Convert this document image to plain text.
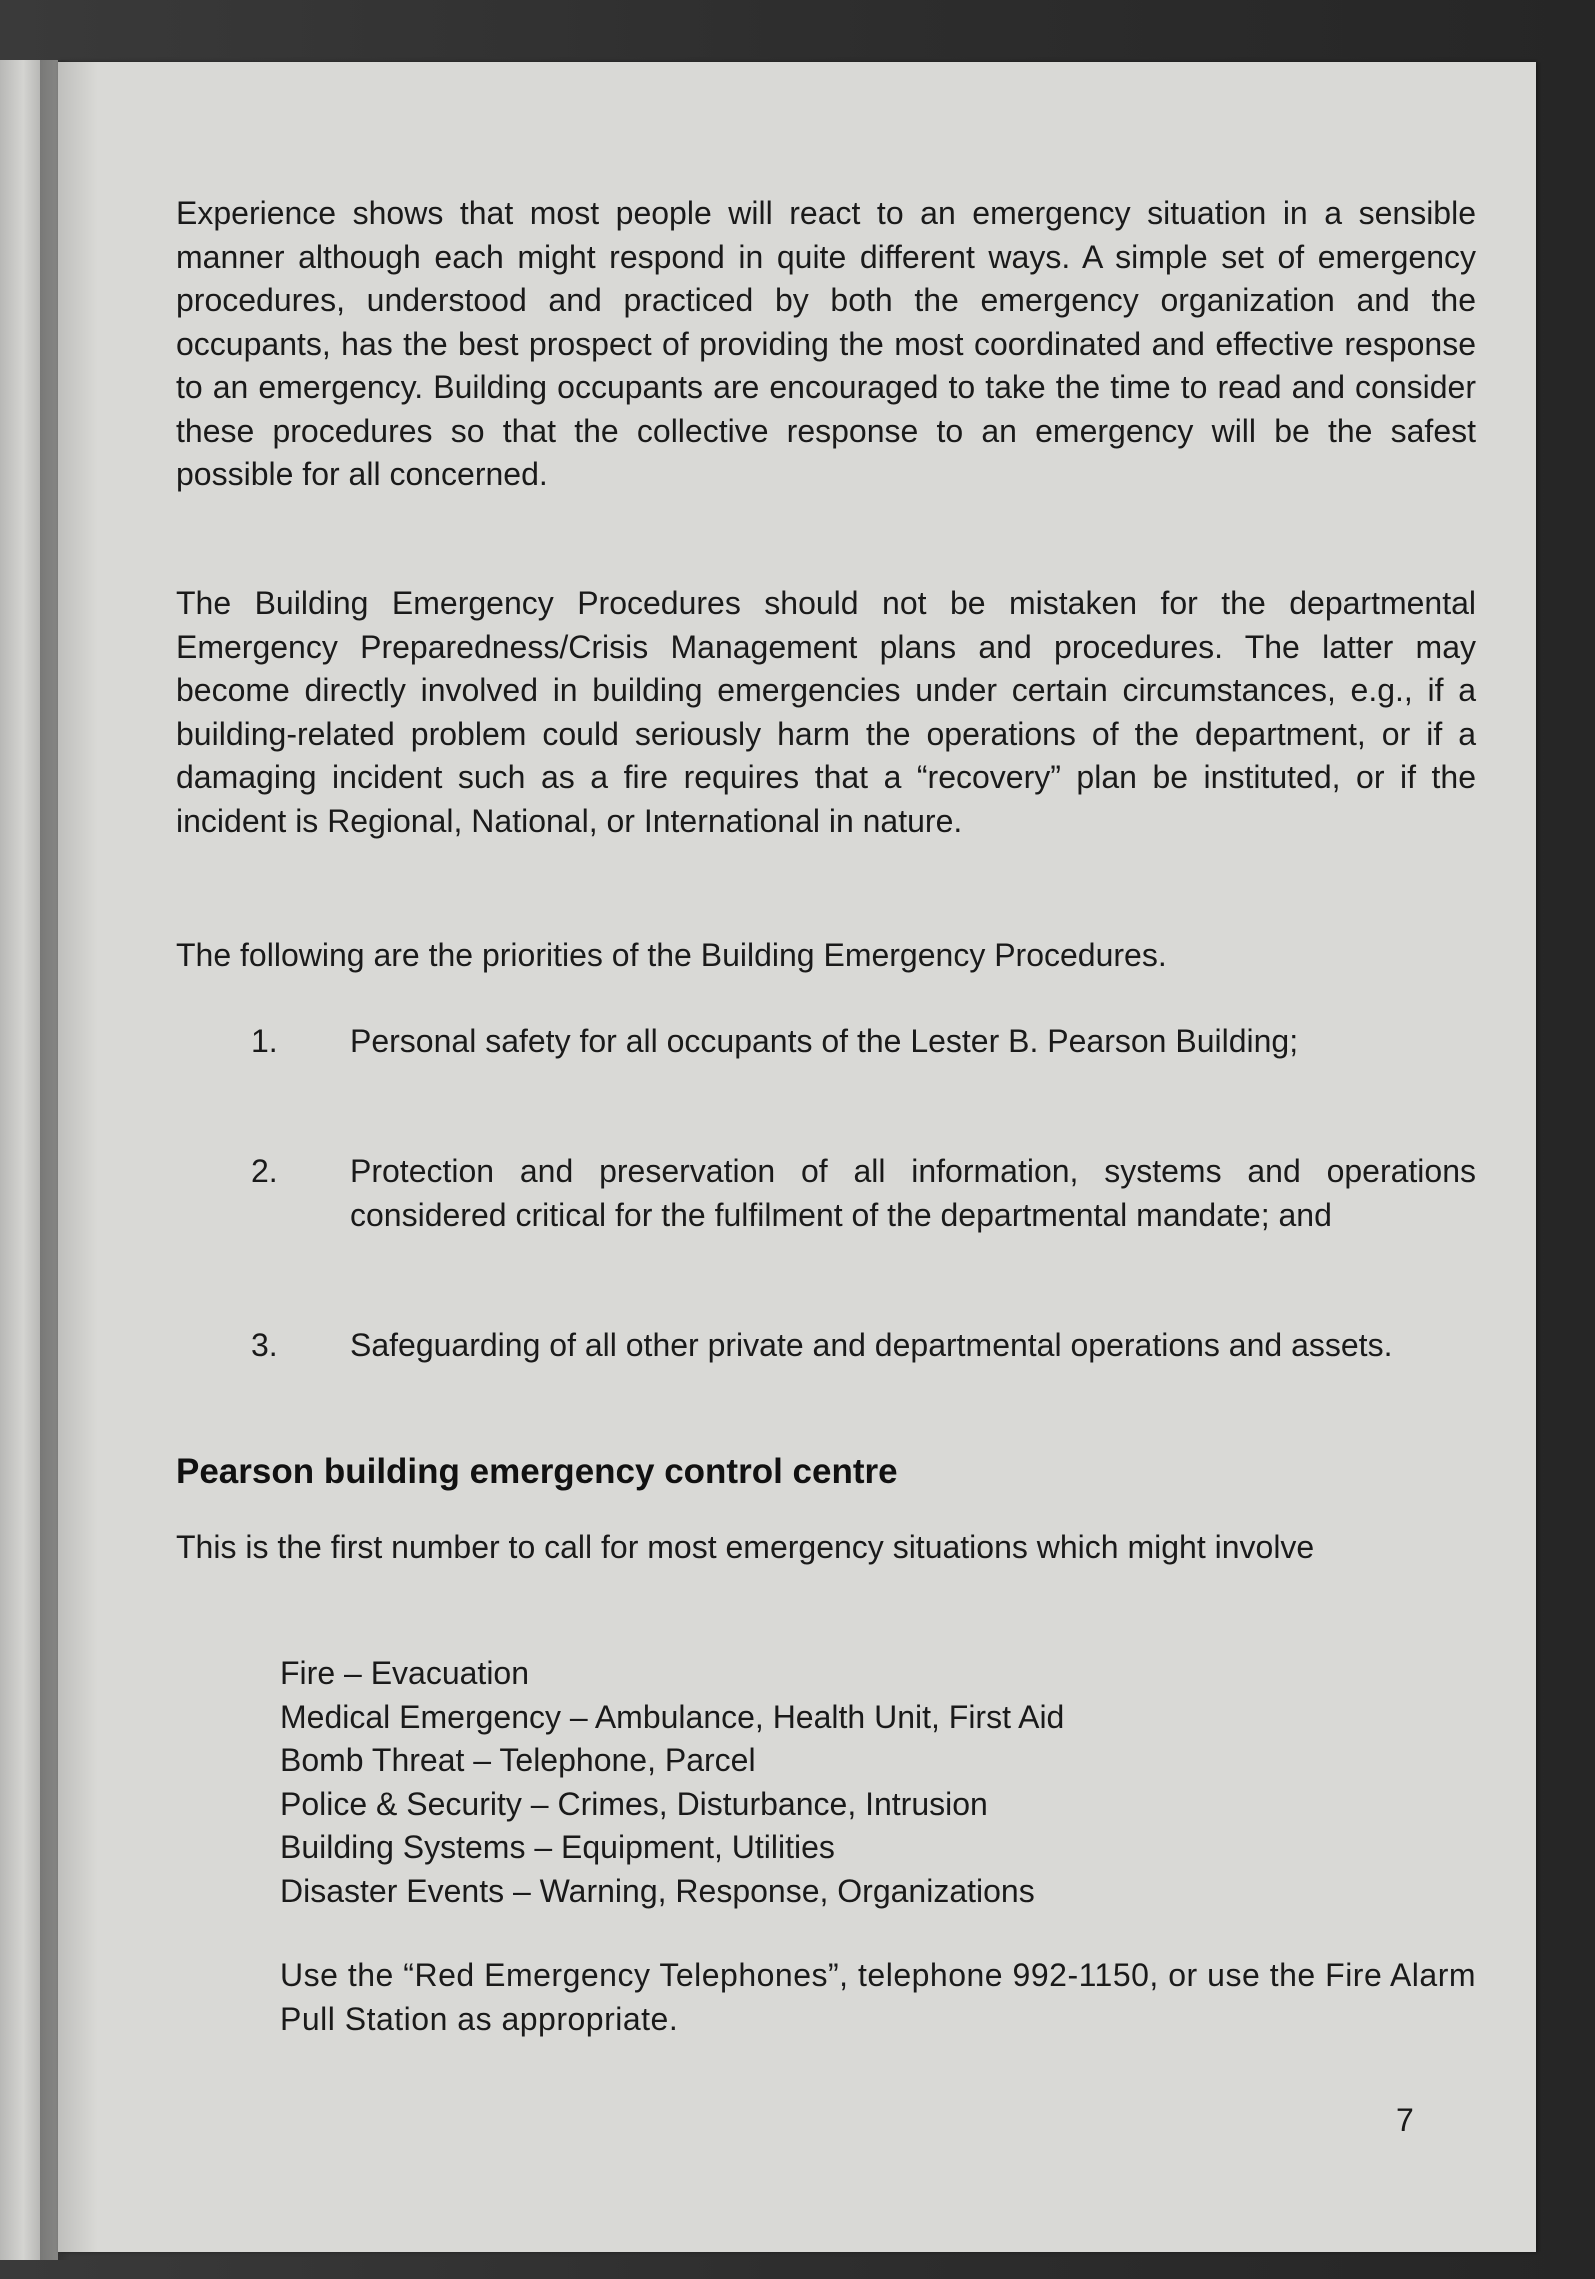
Experience shows that most people will react to an emergency situation in a sensible manner although each might respond in quite different ways. A simple set of emergency procedures, understood and practiced by both the emergency organization and the occupants, has the best prospect of providing the most coordinated and effective response to an emergency. Building occupants are encouraged to take the time to read and consider these procedures so that the collective response to an emergency will be the safest possible for all concerned.

The Building Emergency Procedures should not be mistaken for the departmental Emergency Preparedness/Crisis Management plans and procedures. The latter may become directly involved in building emergencies under certain circumstances, e.g., if a building-related problem could seriously harm the operations of the department, or if a damaging incident such as a fire requires that a “recovery” plan be instituted, or if the incident is Regional, National, or International in nature.

The following are the priorities of the Building Emergency Procedures.

1. Personal safety for all occupants of the Lester B. Pearson Building;
2. Protection and preservation of all information, systems and operations considered critical for the fulfilment of the departmental mandate; and
3. Safeguarding of all other private and departmental operations and assets.
Pearson building emergency control centre

This is the first number to call for most emergency situations which might involve

Fire – Evacuation
Medical Emergency – Ambulance, Health Unit, First Aid
Bomb Threat – Telephone, Parcel
Police & Security – Crimes, Disturbance, Intrusion
Building Systems – Equipment, Utilities
Disaster Events – Warning, Response, Organizations

Use the “Red Emergency Telephones”, telephone 992-1150, or use the Fire Alarm Pull Station as appropriate.

7
